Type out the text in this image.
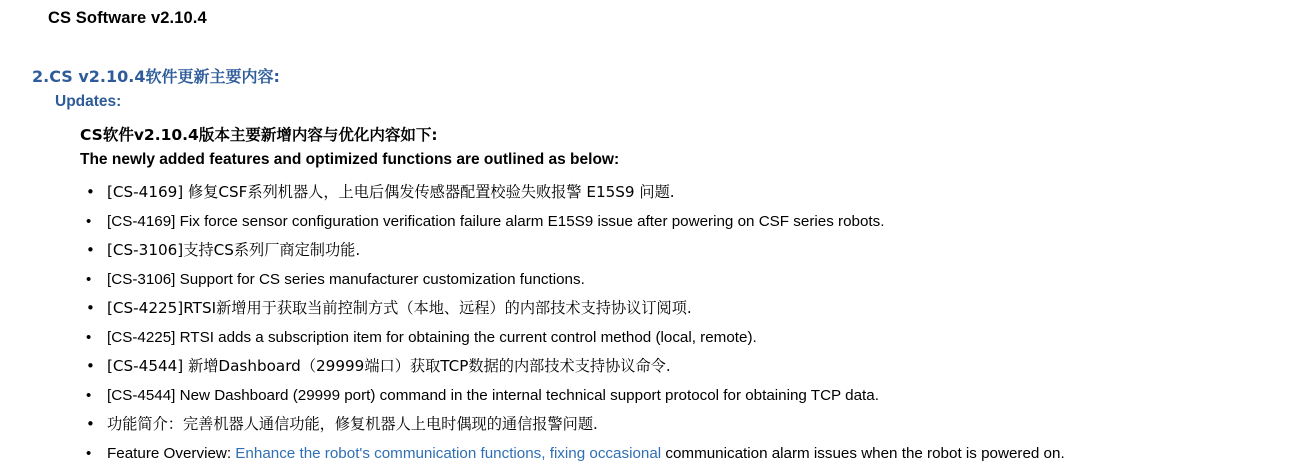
CS Software v2.10.4
2.CS v2.10.4软件更新主要内容:
Updates:
CS软件v2.10.4版本主要新增内容与优化内容如下:
The newly added features and optimized functions are outlined as below:
• [CS-4169] 修复CSF系列机器人，上电后偶发传感器配置校验失败报警 E15S9 问题.
• [CS-4169] Fix force sensor configuration verification failure alarm E15S9 issue after powering on CSF series robots.
• [CS-3106]支持CS系列厂商定制功能.
• [CS-3106] Support for CS series manufacturer customization functions.
• [CS-4225]RTSI新增用于获取当前控制方式（本地、远程）的内部技术支持协议订阅项.
• [CS-4225] RTSI adds a subscription item for obtaining the current control method (local, remote).
• [CS-4544] 新增Dashboard（29999端口）获取TCP数据的内部技术支持协议命令.
• [CS-4544] New Dashboard (29999 port) command in the internal technical support protocol for obtaining TCP data.
• 功能简介：完善机器人通信功能，修复机器人上电时偶现的通信报警问题.
• Feature Overview: Enhance the robot's communication functions, fixing occasional communication alarm issues when the robot is powered on.
